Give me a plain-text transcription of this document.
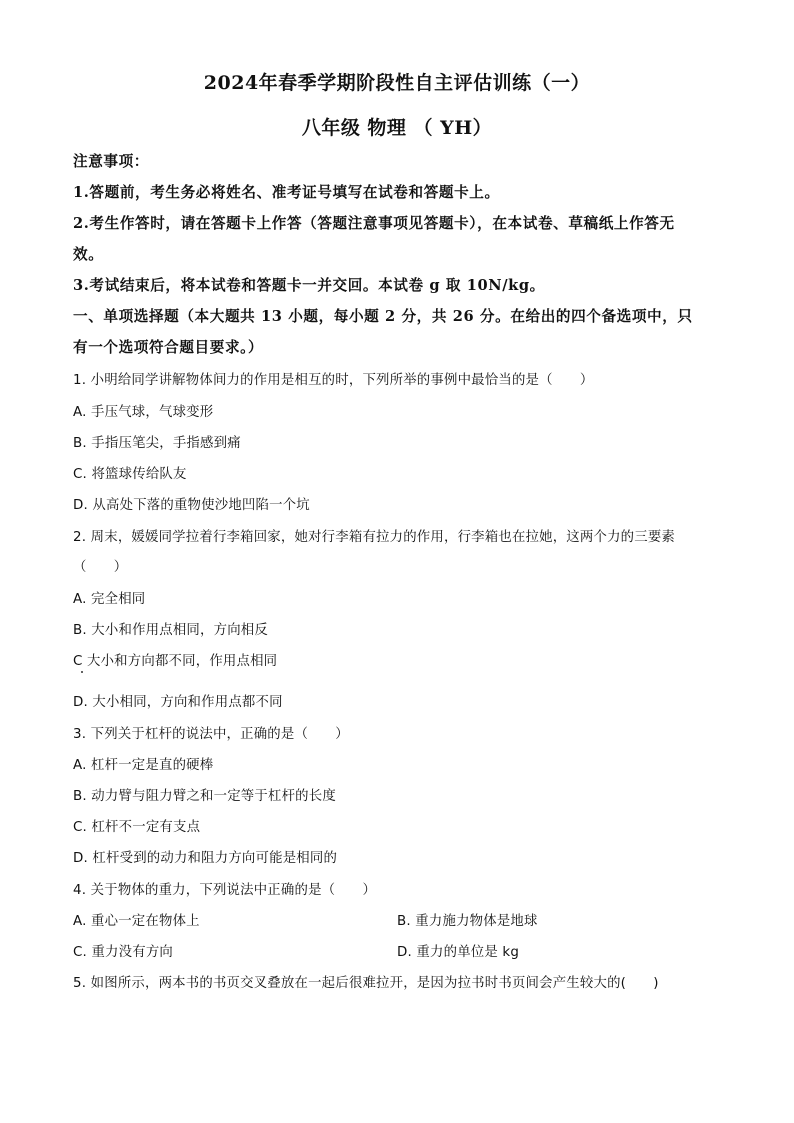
2024年春季学期阶段性自主评估训练（一）
八年级 物理 （ YH）
注意事项：
1.答题前，考生务必将姓名、准考证号填写在试卷和答题卡上。
2.考生作答时，请在答题卡上作答（答题注意事项见答题卡），在本试卷、草稿纸上作答无
效。
3.考试结束后，将本试卷和答题卡一并交回。本试卷 g 取 10N/kg。
一、单项选择题（本大题共 13 小题，每小题 2 分，共 26 分。在给出的四个备选项中，只
有一个选项符合题目要求。）
1. 小明给同学讲解物体间力的作用是相互的时，下列所举的事例中最恰当的是（　　）
A. 手压气球，气球变形
B. 手指压笔尖，手指感到痛
C. 将篮球传给队友
D. 从高处下落的重物使沙地凹陷一个坑
2. 周末，媛媛同学拉着行李箱回家，她对行李箱有拉力的作用，行李箱也在拉她，这两个力的三要素
（　　）
A. 完全相同
B. 大小和作用点相同，方向相反
C 大小和方向都不同，作用点相同
D. 大小相同，方向和作用点都不同
3. 下列关于杠杆的说法中，正确的是（　　）
A. 杠杆一定是直的硬棒
B. 动力臂与阻力臂之和一定等于杠杆的长度
C. 杠杆不一定有支点
D. 杠杆受到的动力和阻力方向可能是相同的
4. 关于物体的重力，下列说法中正确的是（　　）
A. 重心一定在物体上	B. 重力施力物体是地球
C. 重力没有方向	D. 重力的单位是 kg
5. 如图所示，两本书的书页交叉叠放在一起后很难拉开，是因为拉书时书页间会产生较大的(　　)
